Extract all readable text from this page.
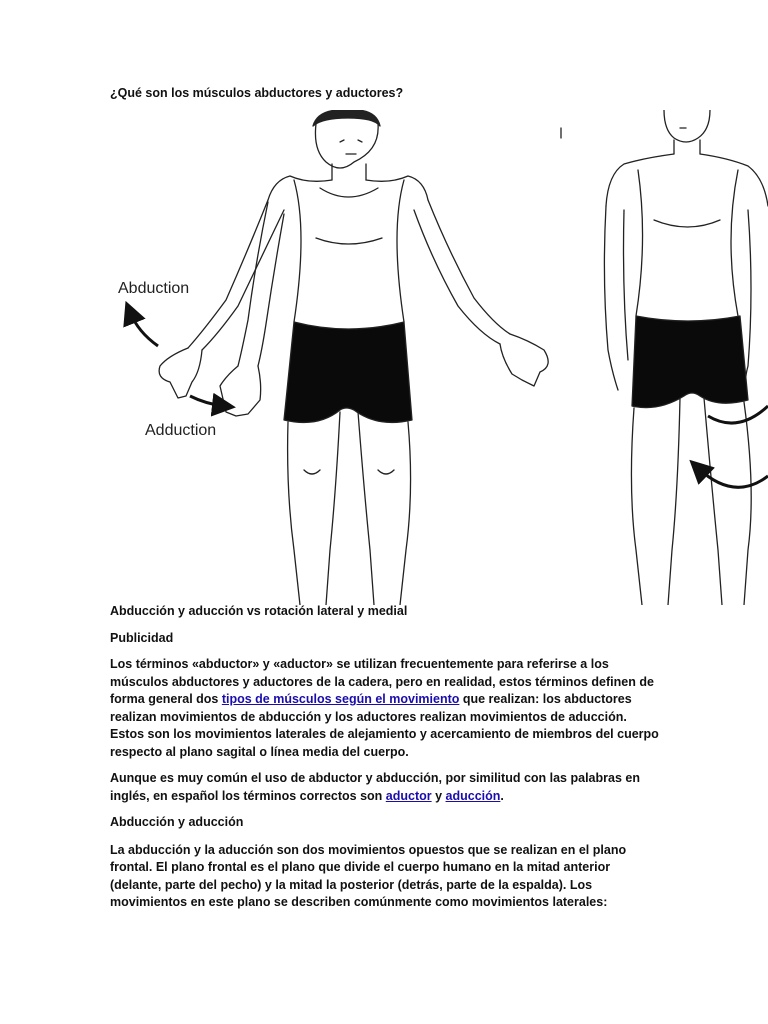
¿Qué son los músculos abductores y aductores?
Abduction
Adduction

Abducción y aducción vs rotación lateral y medial

Publicidad

Los términos «abductor» y «aductor» se utilizan frecuentemente para referirse a los músculos abductores y aductores de la cadera, pero en realidad, estos términos definen de forma general dos tipos de músculos según el movimiento que realizan: los abductores realizan movimientos de abducción y los aductores realizan movimientos de aducción. Estos son los movimientos laterales de alejamiento y acercamiento de miembros del cuerpo respecto al plano sagital o línea media del cuerpo.

Aunque es muy común el uso de abductor y abducción, por similitud con las palabras en inglés, en español los términos correctos son aductor y aducción.

Abducción y aducción

La abducción y la aducción son dos movimientos opuestos que se realizan en el plano frontal. El plano frontal es el plano que divide el cuerpo humano en la mitad anterior (delante, parte del pecho) y la mitad la posterior (detrás, parte de la espalda). Los movimientos en este plano se describen comúnmente como movimientos laterales:
